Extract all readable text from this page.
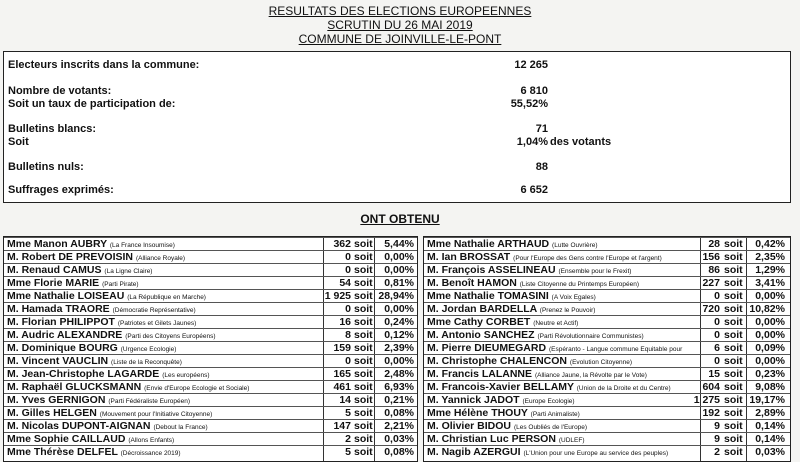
RESULTATS DES ELECTIONS EUROPEENNES
SCRUTIN DU 26 MAI 2019
COMMUNE DE JOINVILLE-LE-PONT
Electeurs inscrits dans la commune:	12 265
Nombre de votants:	6 810
Soit un taux de participation de:	55,52%
Bulletins blancs:	71
Soit	1,04% des votants
Bulletins nuls:	88
Suffrages exprimés:	6 652
ONT OBTENU
Mme Manon AUBRY (La France Insoumise)	362 soit	5,44%
M. Robert DE PREVOISIN (Alliance Royale)	0 soit	0,00%
M. Renaud CAMUS (La Ligne Claire)	0 soit	0,00%
Mme Florie MARIE (Parti Pirate)	54 soit	0,81%
Mme Nathalie LOISEAU (La République en Marche)	1 925 soit 28,94%
M. Hamada TRAORE (Démocratie Représentative)	0 soit	0,00%
M. Florian PHILIPPOT (Patriotes et Gilets Jaunes)	16 soit	0,24%
M. Audric ALEXANDRE (Parti des Citoyens Européens)	8 soit	0,12%
M. Dominique BOURG (Urgence Ecologie)	159 soit	2,39%
M. Vincent VAUCLIN (Liste de la Reconquête)	0 soit	0,00%
M. Jean-Christophe LAGARDE (Les européens)	165 soit	2,48%
M. Raphaël GLUCKSMANN (Envie d'Europe Ecologie et Sociale)	461 soit	6,93%
M. Yves GERNIGON (Parti Fédéraliste Européen)	14 soit	0,21%
M. Gilles HELGEN (Mouvement pour l'Initiative Citoyenne)	5 soit	0,08%
M. Nicolas DUPONT-AIGNAN (Debout la France)	147 soit	2,21%
Mme Sophie CAILLAUD (Allons Enfants)	2 soit	0,03%
Mme Thérèse DELFEL (Décroissance 2019)	5 soit	0,08%
Mme Nathalie ARTHAUD (Lutte Ouvrière)	28 soit	0,42%
M. Ian BROSSAT (Pour l'Europe des Gens contre l'Europe et l'argent)	156 soit	2,35%
M. François ASSELINEAU (Ensemble pour le Frexit)	86 soit	1,29%
M. Benoît HAMON (Liste Citoyenne du Printemps Européen)	227 soit	3,41%
Mme Nathalie TOMASINI (A Voix Egales)	0 soit	0,00%
M. Jordan BARDELLA (Prenez le Pouvoir)	720 soit 10,82%
Mme Cathy CORBET (Neutre et Actif)	0 soit	0,00%
M. Antonio SANCHEZ (Parti Révolutionnaire Communistes)	0 soit	0,00%
M. Pierre DIEUMEGARD (Espéranto - Langue commune Equitable pour	6 soit	0,09%
M. Christophe CHALENCON (Evolution Citoyenne)	0 soit	0,00%
M. Francis LALANNE (Alliance Jaune, la Révolte par le Vote)	15 soit	0,23%
M. Francois-Xavier BELLAMY (Union de la Droite et du Centre)	604 soit	9,08%
M. Yannick JADOT (Europe Ecologie)	1 275 soit 19,17%
Mme Hélène THOUY (Parti Animaliste)	192 soit	2,89%
M. Olivier BIDOU (Les Oubliés de l'Europe)	9 soit	0,14%
M. Christian Luc PERSON (UDLEF)	9 soit	0,14%
M. Nagib AZERGUI (L'Union pour une Europe au service des peuples)	2 soit	0,03%
